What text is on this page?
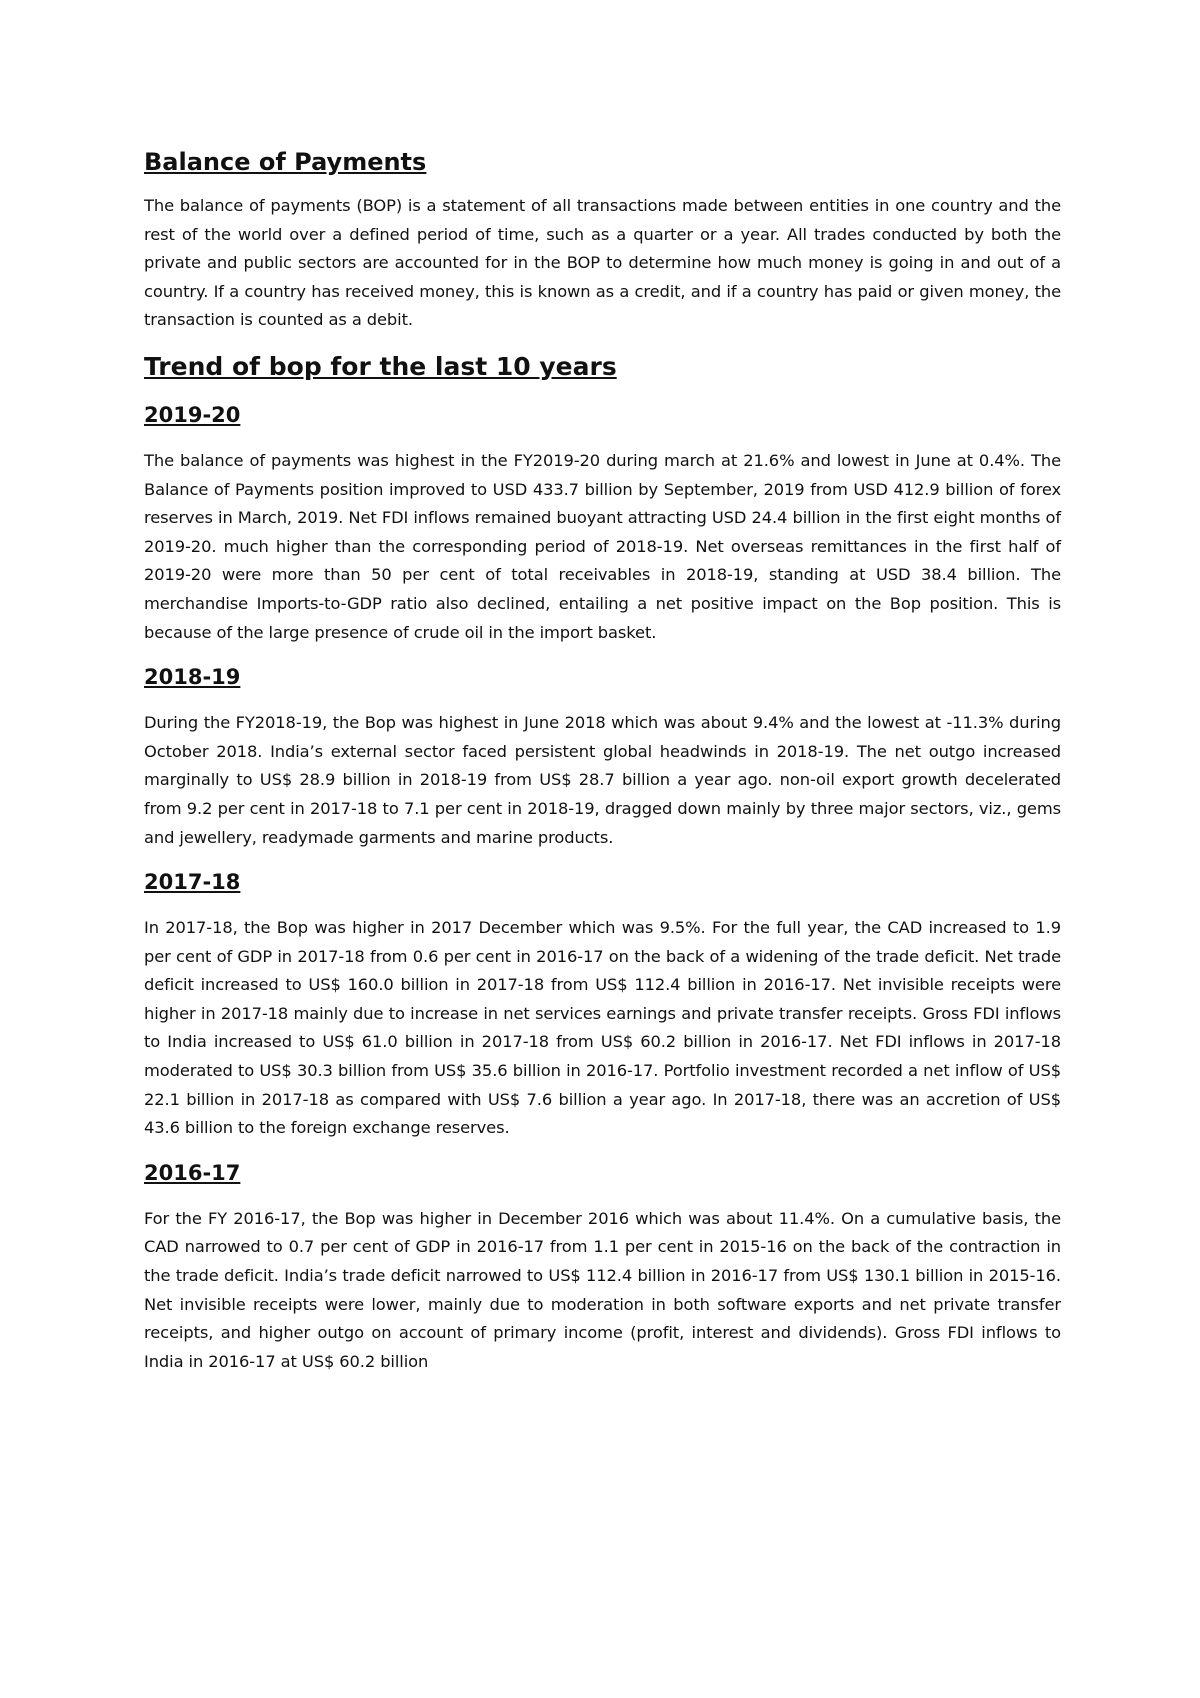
Balance of Payments

The balance of payments (BOP) is a statement of all transactions made between entities in one country and the rest of the world over a defined period of time, such as a quarter or a year. All trades conducted by both the private and public sectors are accounted for in the BOP to determine how much money is going in and out of a country. If a country has received money, this is known as a credit, and if a country has paid or given money, the transaction is counted as a debit.

Trend of bop for the last 10 years
2019-20

The balance of payments was highest in the FY2019-20 during march at 21.6% and lowest in June at 0.4%. The Balance of Payments position improved to USD 433.7 billion by September, 2019 from USD 412.9 billion of forex reserves in March, 2019. Net FDI inflows remained buoyant attracting USD 24.4 billion in the first eight months of 2019-20. much higher than the corresponding period of 2018-19. Net overseas remittances in the first half of 2019-20 were more than 50 per cent of total receivables in 2018-19, standing at USD 38.4 billion. The merchandise Imports-to-GDP ratio also declined, entailing a net positive impact on the Bop position. This is because of the large presence of crude oil in the import basket.

2018-19

During the FY2018-19, the Bop was highest in June 2018 which was about 9.4% and the lowest at -11.3% during October 2018. India’s external sector faced persistent global headwinds in 2018-19. The net outgo increased marginally to US$ 28.9 billion in 2018-19 from US$ 28.7 billion a year ago. non-oil export growth decelerated from 9.2 per cent in 2017-18 to 7.1 per cent in 2018-19, dragged down mainly by three major sectors, viz., gems and jewellery, readymade garments and marine products.

2017-18

In 2017-18, the Bop was higher in 2017 December which was 9.5%. For the full year, the CAD increased to 1.9 per cent of GDP in 2017-18 from 0.6 per cent in 2016-17 on the back of a widening of the trade deficit. Net trade deficit increased to US$ 160.0 billion in 2017-18 from US$ 112.4 billion in 2016-17. Net invisible receipts were higher in 2017-18 mainly due to increase in net services earnings and private transfer receipts. Gross FDI inflows to India increased to US$ 61.0 billion in 2017-18 from US$ 60.2 billion in 2016-17. Net FDI inflows in 2017-18 moderated to US$ 30.3 billion from US$ 35.6 billion in 2016-17. Portfolio investment recorded a net inflow of US$ 22.1 billion in 2017-18 as compared with US$ 7.6 billion a year ago. In 2017-18, there was an accretion of US$ 43.6 billion to the foreign exchange reserves.

2016-17

For the FY 2016-17, the Bop was higher in December 2016 which was about 11.4%. On a cumulative basis, the CAD narrowed to 0.7 per cent of GDP in 2016-17 from 1.1 per cent in 2015-16 on the back of the contraction in the trade deficit. India’s trade deficit narrowed to US$ 112.4 billion in 2016-17 from US$ 130.1 billion in 2015-16. Net invisible receipts were lower, mainly due to moderation in both software exports and net private transfer receipts, and higher outgo on account of primary income (profit, interest and dividends). Gross FDI inflows to India in 2016-17 at US$ 60.2 billion
